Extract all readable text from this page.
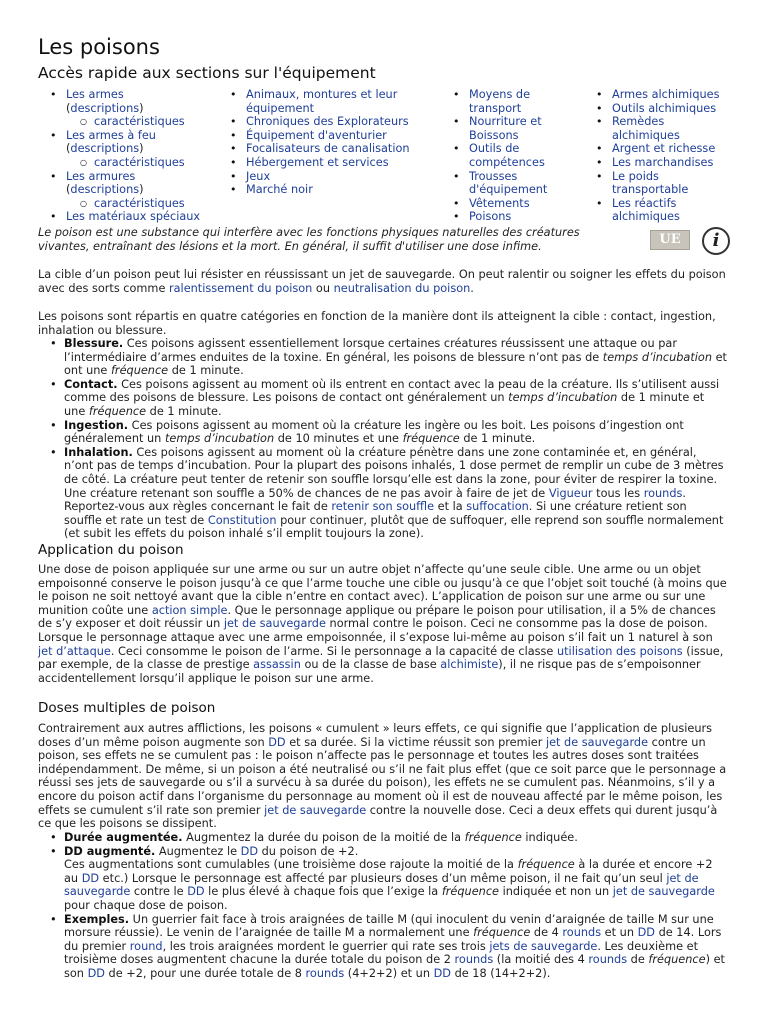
Les poisons
Accès rapide aux sections sur l'équipement
• Les armes
(descriptions)
○ caractéristiques
• Les armes à feu
(descriptions)
○ caractéristiques
• Les armures
(descriptions)
○ caractéristiques
• Les matériaux spéciaux
• Animaux, montures et leur équipement
• Chroniques des Explorateurs
• Équipement d'aventurier
• Focalisateurs de canalisation
• Hébergement et services
• Jeux
• Marché noir
• Moyens de transport
• Nourriture et Boissons
• Outils de compétences
• Trousses d'équipement
• Vêtements
• Poisons
• Armes alchimiques
• Outils alchimiques
• Remèdes alchimiques
• Argent et richesse
• Les marchandises
• Le poids transportable
• Les réactifs alchimiques
Le poison est une substance qui interfère avec les fonctions physiques naturelles des créatures vivantes, entraînant des lésions et la mort. En général, il suffit d'utiliser une dose infime.	UE	i
La cible d’un poison peut lui résister en réussissant un jet de sauvegarde. On peut ralentir ou soigner les effets du poison avec des sorts comme ralentissement du poison ou neutralisation du poison.
Les poisons sont répartis en quatre catégories en fonction de la manière dont ils atteignent la cible : contact, ingestion, inhalation ou blessure.
• Blessure. Ces poisons agissent essentiellement lorsque certaines créatures réussissent une attaque ou par l’intermédiaire d’armes enduites de la toxine. En général, les poisons de blessure n’ont pas de temps d’incubation et ont une fréquence de 1 minute.
• Contact. Ces poisons agissent au moment où ils entrent en contact avec la peau de la créature. Ils s’utilisent aussi comme des poisons de blessure. Les poisons de contact ont généralement un temps d’incubation de 1 minute et une fréquence de 1 minute.
• Ingestion. Ces poisons agissent au moment où la créature les ingère ou les boit. Les poisons d’ingestion ont généralement un temps d’incubation de 10 minutes et une fréquence de 1 minute.
• Inhalation. Ces poisons agissent au moment où la créature pénètre dans une zone contaminée et, en général, n’ont pas de temps d’incubation. Pour la plupart des poisons inhalés, 1 dose permet de remplir un cube de 3 mètres de côté. La créature peut tenter de retenir son souffle lorsqu’elle est dans la zone, pour éviter de respirer la toxine. Une créature retenant son souffle a 50% de chances de ne pas avoir à faire de jet de Vigueur tous les rounds. Reportez-vous aux règles concernant le fait de retenir son souffle et la suffocation. Si une créature retient son souffle et rate un test de Constitution pour continuer, plutôt que de suffoquer, elle reprend son souffle normalement (et subit les effets du poison inhalé s’il emplit toujours la zone).
Application du poison
Une dose de poison appliquée sur une arme ou sur un autre objet n’affecte qu’une seule cible. Une arme ou un objet empoisonné conserve le poison jusqu’à ce que l’arme touche une cible ou jusqu’à ce que l’objet soit touché (à moins que le poison ne soit nettoyé avant que la cible n’entre en contact avec). L’application de poison sur une arme ou sur une munition coûte une action simple. Que le personnage applique ou prépare le poison pour utilisation, il a 5% de chances de s’y exposer et doit réussir un jet de sauvegarde normal contre le poison. Ceci ne consomme pas la dose de poison. Lorsque le personnage attaque avec une arme empoisonnée, il s’expose lui-même au poison s’il fait un 1 naturel à son jet d’attaque. Ceci consomme le poison de l’arme. Si le personnage a la capacité de classe utilisation des poisons (issue, par exemple, de la classe de prestige assassin ou de la classe de base alchimiste), il ne risque pas de s’empoisonner accidentellement lorsqu’il applique le poison sur une arme.
Doses multiples de poison
Contrairement aux autres afflictions, les poisons « cumulent » leurs effets, ce qui signifie que l’application de plusieurs doses d’un même poison augmente son DD et sa durée. Si la victime réussit son premier jet de sauvegarde contre un poison, ses effets ne se cumulent pas : le poison n’affecte pas le personnage et toutes les autres doses sont traitées indépendamment. De même, si un poison a été neutralisé ou s’il ne fait plus effet (que ce soit parce que le personnage a réussi ses jets de sauvegarde ou s’il a survécu à sa durée du poison), les effets ne se cumulent pas. Néanmoins, s’il y a encore du poison actif dans l’organisme du personnage au moment où il est de nouveau affecté par le même poison, les effets se cumulent s’il rate son premier jet de sauvegarde contre la nouvelle dose. Ceci a deux effets qui durent jusqu’à ce que les poisons se dissipent.
• Durée augmentée. Augmentez la durée du poison de la moitié de la fréquence indiquée.
• DD augmenté. Augmentez le DD du poison de +2.
Ces augmentations sont cumulables (une troisième dose rajoute la moitié de la fréquence à la durée et encore +2 au DD etc.) Lorsque le personnage est affecté par plusieurs doses d’un même poison, il ne fait qu’un seul jet de sauvegarde contre le DD le plus élevé à chaque fois que l’exige la fréquence indiquée et non un jet de sauvegarde pour chaque dose de poison.
• Exemples. Un guerrier fait face à trois araignées de taille M (qui inoculent du venin d’araignée de taille M sur une morsure réussie). Le venin de l’araignée de taille M a normalement une fréquence de 4 rounds et un DD de 14. Lors du premier round, les trois araignées mordent le guerrier qui rate ses trois jets de sauvegarde. Les deuxième et troisième doses augmentent chacune la durée totale du poison de 2 rounds (la moitié des 4 rounds de fréquence) et son DD de +2, pour une durée totale de 8 rounds (4+2+2) et un DD de 18 (14+2+2).
